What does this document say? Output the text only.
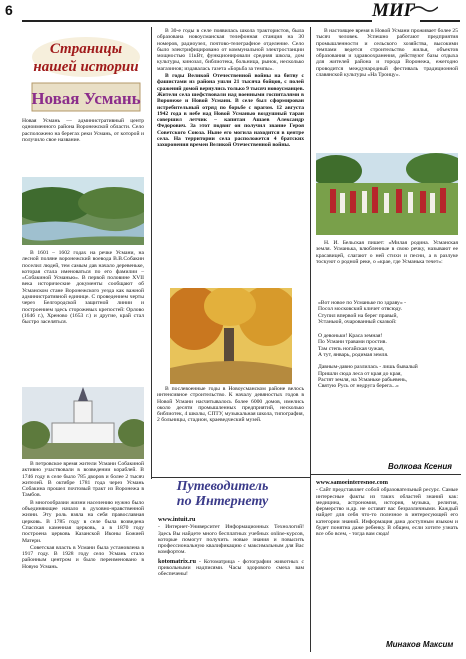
6	МИГ
Страницы
нашей истории
Новая Усмань

Новая Усмань — административный центр одноименного района Воронежской области. Село расположено на берегах реки Усмань, от которой и получило свое название.

В 1601 – 1602 годах на речке Усмани, на лесной поляне воронежский воевода В.В.Собакин поселил людей, тем самым дав начало деревеньке, которая стала именоваться по его фамилии – «Собакиной Усманью». В первой половине XVII века исторические документы сообщают об Усманском стане Воронежского уезда как важной административной единице. С проведением черты через Белгородской защитной линии и построением здесь сторожевых крепостей: Орлово (1646 г.), Хреново (1653 г.) и другие, край стал быстро заселяться.

В петровское время жители Усмани Собакиной активно участвовали в возведении кораблей. В 1746 году в селе было 785 дворов и более 2 тысяч жителей. В октябре 1781 года через Усмань Собакина прошел почтовый тракт из Воронежа в Тамбов.

В многообразии жизни населению нужно было объединяющее начало в духовно-нравственной жизни. Эту роль взяла на себя православная церковь. В 1785 году в селе была возведена Спасская каменная церковь, а в 1870 году построена церковь Казанской Иконы Божией Матери.

Советская власть в Усмани была установлена в 1917 году. В 1928 году село Усмань стало районным центром и было переименовано в Новую Усмань.

В 30-е годы в селе появилась школа трактористов, была образована новоусманская телефонная станция на 30 номеров, радиоузел, почтово-телеграфное отделение. Село было электрифицировано от коммунальной электростанции мощностью 11кВт, функционировали средняя школа, дом культуры, кинозал, библиотека, больница, рынок, несколько магазинов; издавалась газета «Борьба за темпы».

В годы Великой Отечественной войны на битву с фашистами из района ушли 21 тысяча бойцов, с полей сражений домой вернулись только 9 тысяч новоусманцев. Жители села шефствовали над военными госпиталями в Воронеже и Новой Усмани. В селе был сформирован истребительный отряд по борьбе с врагом. 12 августа 1942 года в небе над Новой Усманью воздушный таран совершил летчик – капитан Ашаев Александр Федорович. За этот подвиг он получил звание Героя Советского Союза. Ныне его могила находится в центре села. На территории села расположется 4 братских захоронения времен Великой Отечественной войны.

В послевоенные годы в Новоусманском районе велось интенсивное строительство. К началу девяностых годов в Новой Усмани насчитывалось более 6000 домов, имелись около десяти промышленных предприятий, несколько библиотек, 4 школы, СПТУ, музыкальная школа, типография, 2 больницы, стадион, краеведческий музей.

В настоящее время в Новой Усмани проживает более 25 тысяч человек. Успешно работают предприятия промышленности и сельского хозяйства, высокими темпами ведется строительство жилья, объектов образования и здравоохранения, действуют базы отдыха для жителей района и города Воронежа, ежегодно проводится международный фестиваль традиционной славянской культуры «На Троицу».

Н. И. Бельская пишет: «Милая родина. Усманская земля. Усманька, влюбленные в свою речку, называют ее красавицей, слагают о ней стихи и песни, а в разлуке тоскуют о родной реке, о «крае, где Усманька течет»:

«Вот новое по Усманьке по здраву» -
Посол московский кличет отвсюду.
Ступил впервой на берег правый,
Устаньюй, очарованный сказкой:
О девоньки! Краса земная!
По Усмани травами простив.
Там степь ногайская чужая,
А тут, январь, родимая земля.
Давным-давно разлилась - лишь бывалый
Пришли сюда леса от края до края,
Растят земля, на Усманьке рабьевень,
Святую Русь от недруга берега...»
Волкова Ксения
Путеводитель
по Интернету

www.intuit.ru

- Интернет-Университет Информационных Технологий! Здесь Вы найдете много бесплатных учебных online-курсов, которые помогут получить новые знания и повысить профессиональную квалификацию с максимальным для Вас комфортом.

kotomatrix.ru - Котоматрица - фотографии животных с прикольными надписями. Часы здорового смеха вам обеспечены!

www.samoeinteresnoe.com

- Сайт представляет собой образовательный ресурс. Самые интересные факты из таких областей знаний как: медицина, астрономия, история, музыка, религия, фермерство и.др. не оставят вас безразличными. Каждый найдет для себя что-то полезное в интересующей его категории знаний. Информация дана доступным языком и будет понятна даже ребенку. В общем, если хотите узнать все обо всем, - тогда вам сюда!

Минаков Максим
